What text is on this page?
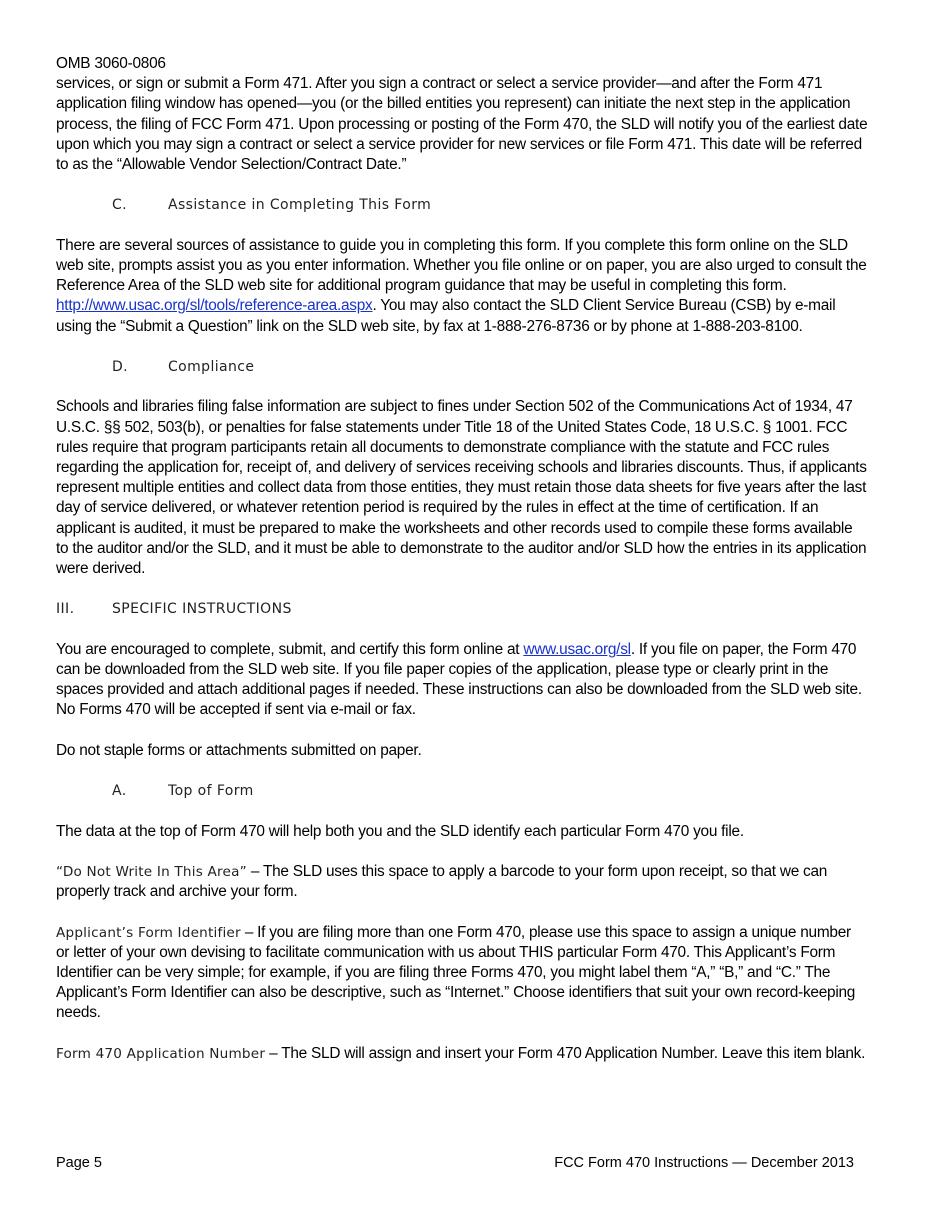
OMB 3060-0806

services, or sign or submit a Form 471. After you sign a contract or select a service provider—and after the Form 471 application filing window has opened—you (or the billed entities you represent) can initiate the next step in the application process, the filing of FCC Form 471. Upon processing or posting of the Form 470, the SLD will notify you of the earliest date upon which you may sign a contract or select a service provider for new services or file Form 471. This date will be referred to as the “Allowable Vendor Selection/Contract Date.”

C.	Assistance in Completing This Form

There are several sources of assistance to guide you in completing this form. If you complete this form online on the SLD web site, prompts assist you as you enter information. Whether you file online or on paper, you are also urged to consult the Reference Area of the SLD web site for additional program guidance that may be useful in completing this form. http://www.usac.org/sl/tools/reference-area.aspx. You may also contact the SLD Client Service Bureau (CSB) by e-mail using the “Submit a Question” link on the SLD web site, by fax at 1-888-276-8736 or by phone at 1-888-203-8100.

D.	Compliance

Schools and libraries filing false information are subject to fines under Section 502 of the Communications Act of 1934, 47 U.S.C. §§ 502, 503(b), or penalties for false statements under Title 18 of the United States Code, 18 U.S.C. § 1001. FCC rules require that program participants retain all documents to demonstrate compliance with the statute and FCC rules regarding the application for, receipt of, and delivery of services receiving schools and libraries discounts. Thus, if applicants represent multiple entities and collect data from those entities, they must retain those data sheets for five years after the last day of service delivered, or whatever retention period is required by the rules in effect at the time of certification. If an applicant is audited, it must be prepared to make the worksheets and other records used to compile these forms available to the auditor and/or the SLD, and it must be able to demonstrate to the auditor and/or SLD how the entries in its application were derived.

III.	SPECIFIC INSTRUCTIONS

You are encouraged to complete, submit, and certify this form online at www.usac.org/sl. If you file on paper, the Form 470 can be downloaded from the SLD web site. If you file paper copies of the application, please type or clearly print in the spaces provided and attach additional pages if needed. These instructions can also be downloaded from the SLD web site. No Forms 470 will be accepted if sent via e-mail or fax.

Do not staple forms or attachments submitted on paper.

A.	Top of Form

The data at the top of Form 470 will help both you and the SLD identify each particular Form 470 you file.

“Do Not Write In This Area” – The SLD uses this space to apply a barcode to your form upon receipt, so that we can properly track and archive your form.

Applicant’s Form Identifier – If you are filing more than one Form 470, please use this space to assign a unique number or letter of your own devising to facilitate communication with us about THIS particular Form 470. This Applicant’s Form Identifier can be very simple; for example, if you are filing three Forms 470, you might label them “A,” “B,” and “C.” The Applicant’s Form Identifier can also be descriptive, such as “Internet.” Choose identifiers that suit your own record-keeping needs.

Form 470 Application Number – The SLD will assign and insert your Form 470 Application Number. Leave this item blank.

Page 5	FCC Form 470 Instructions — December 2013
